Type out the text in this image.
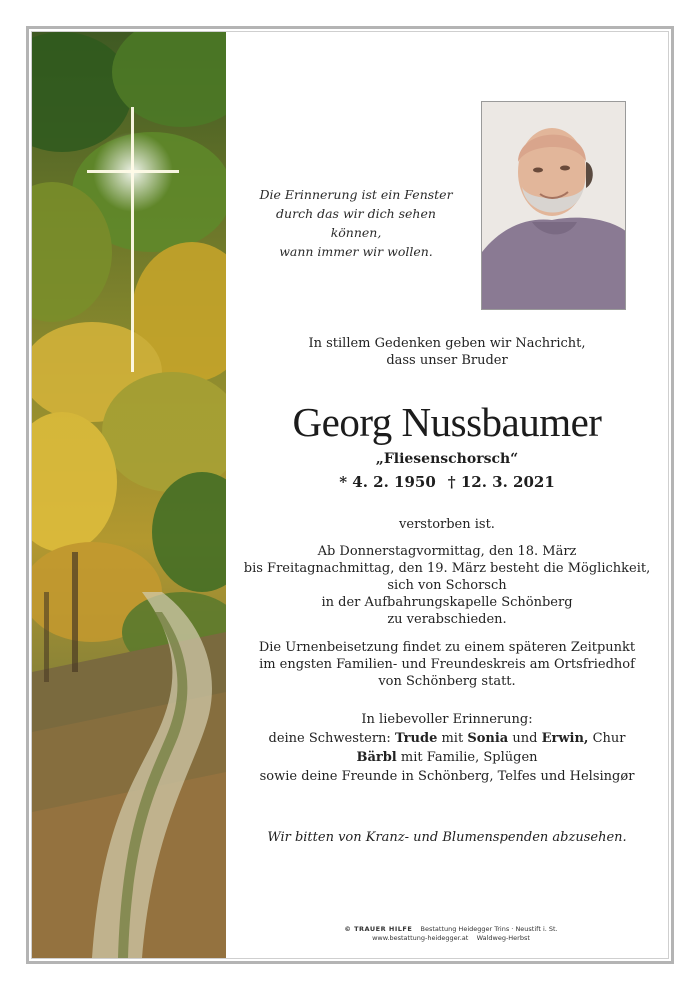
Die Erinnerung ist ein Fenster
durch das wir dich sehen können,
wann immer wir wollen.
In stillem Gedenken geben wir Nachricht,
dass unser Bruder
Georg Nussbaumer
„Fliesenschorsch“
* 4. 2. 1950 † 12. 3. 2021
verstorben ist.
Ab Donnerstagvormittag, den 18. März
bis Freitagnachmittag, den 19. März besteht die Möglichkeit,
sich von Schorsch
in der Aufbahrungskapelle Schönberg
zu verabschieden.
Die Urnenbeisetzung findet zu einem späteren Zeitpunkt
im engsten Familien- und Freundeskreis am Ortsfriedhof
von Schönberg statt.
In liebevoller Erinnerung:
deine Schwestern: Trude mit Sonia und Erwin, Chur
Bärbl mit Familie, Splügen
sowie deine Freunde in Schönberg, Telfes und Helsingør
Wir bitten von Kranz- und Blumenspenden abzusehen.
© TRAUER HILFE Bestattung Heidegger Trins · Neustift i. St.
www.bestattung-heidegger.at Waldweg-Herbst
